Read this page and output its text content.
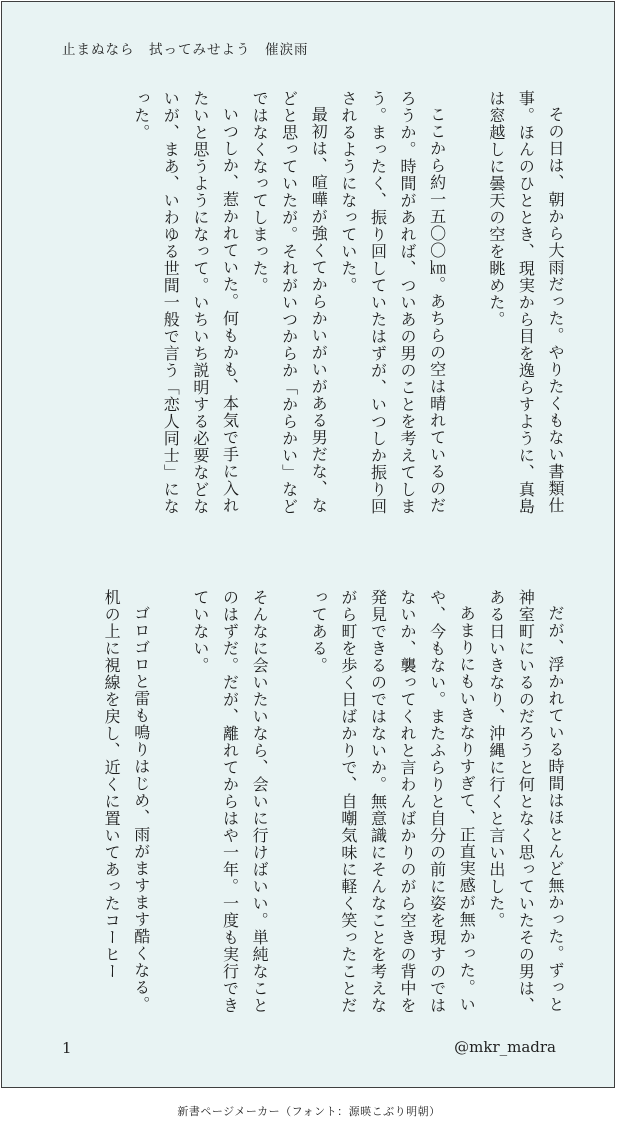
止まぬなら　拭ってみせよう　催涙雨

その日は、朝から大雨だった。やりたくもない書類仕事。ほんのひととき、現実から目を逸らすように、真島は窓越しに曇天の空を眺めた。

ここから約一五〇〇㎞。あちらの空は晴れているのだろうか。時間があれば、ついあの男のことを考えてしまう。まったく、振り回していたはずが、いつしか振り回されるようになっていた。

最初は、喧嘩が強くてからかいがいがある男だな、などと思っていたが。それがいつからか「からかい」などではなくなってしまった。

いつしか、惹かれていた。何もかも、本気で手に入れたいと思うようになって。いちいち説明する必要などないが、まあ、いわゆる世間一般で言う「恋人同士」になった。

だが、浮かれている時間はほとんど無かった。ずっと神室町にいるのだろうと何となく思っていたその男は、ある日いきなり、沖縄に行くと言い出した。

あまりにもいきなりすぎて、正直実感が無かった。いや、今もない。またふらりと自分の前に姿を現すのではないか、襲ってくれと言わんばかりのがら空きの背中を発見できるのではないか。無意識にそんなことを考えながら町を歩く日ばかりで、自嘲気味に軽く笑ったことだってある。

そんなに会いたいなら、会いに行けばいい。単純なことのはずだ。だが、離れてからはや一年。一度も実行できていない。

ゴロゴロと雷も鳴りはじめ、雨がますます酷くなる。机の上に視線を戻し、近くに置いてあったコーヒー

1	@mkr_madra
新書ページメーカー（フォント：源暎こぶり明朝）
